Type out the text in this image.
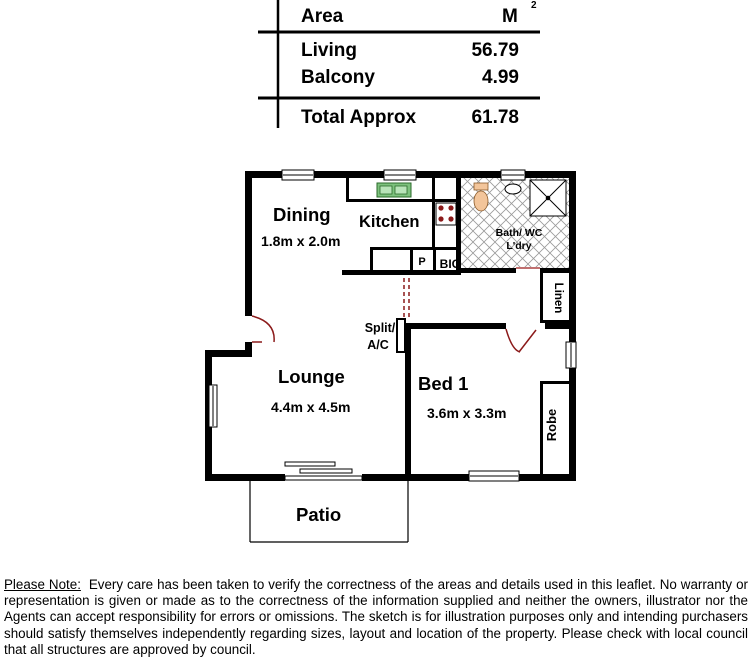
Area	M
2
Living	56.79
Balcony	4.99
Total Approx	61.78
Dining
1.8m x 2.0m
Kitchen
Bath/ WC
L'dry
P BIC
Linen
Split/
A/C
Lounge
4.4m x 4.5m
Bed 1
3.6m x 3.3m	Robe
Patio
Please Note: Every care has been taken to verify the correctness of the areas and details used in this leaflet. No warranty or representation is given or made as to the correctness of the information supplied and neither the owners, illustrator nor the Agents can accept responsibility for errors or omissions. The sketch is for illustration purposes only and intending purchasers should satisfy themselves independently regarding sizes, layout and location of the property. Please check with local council that all structures are approved by council.
